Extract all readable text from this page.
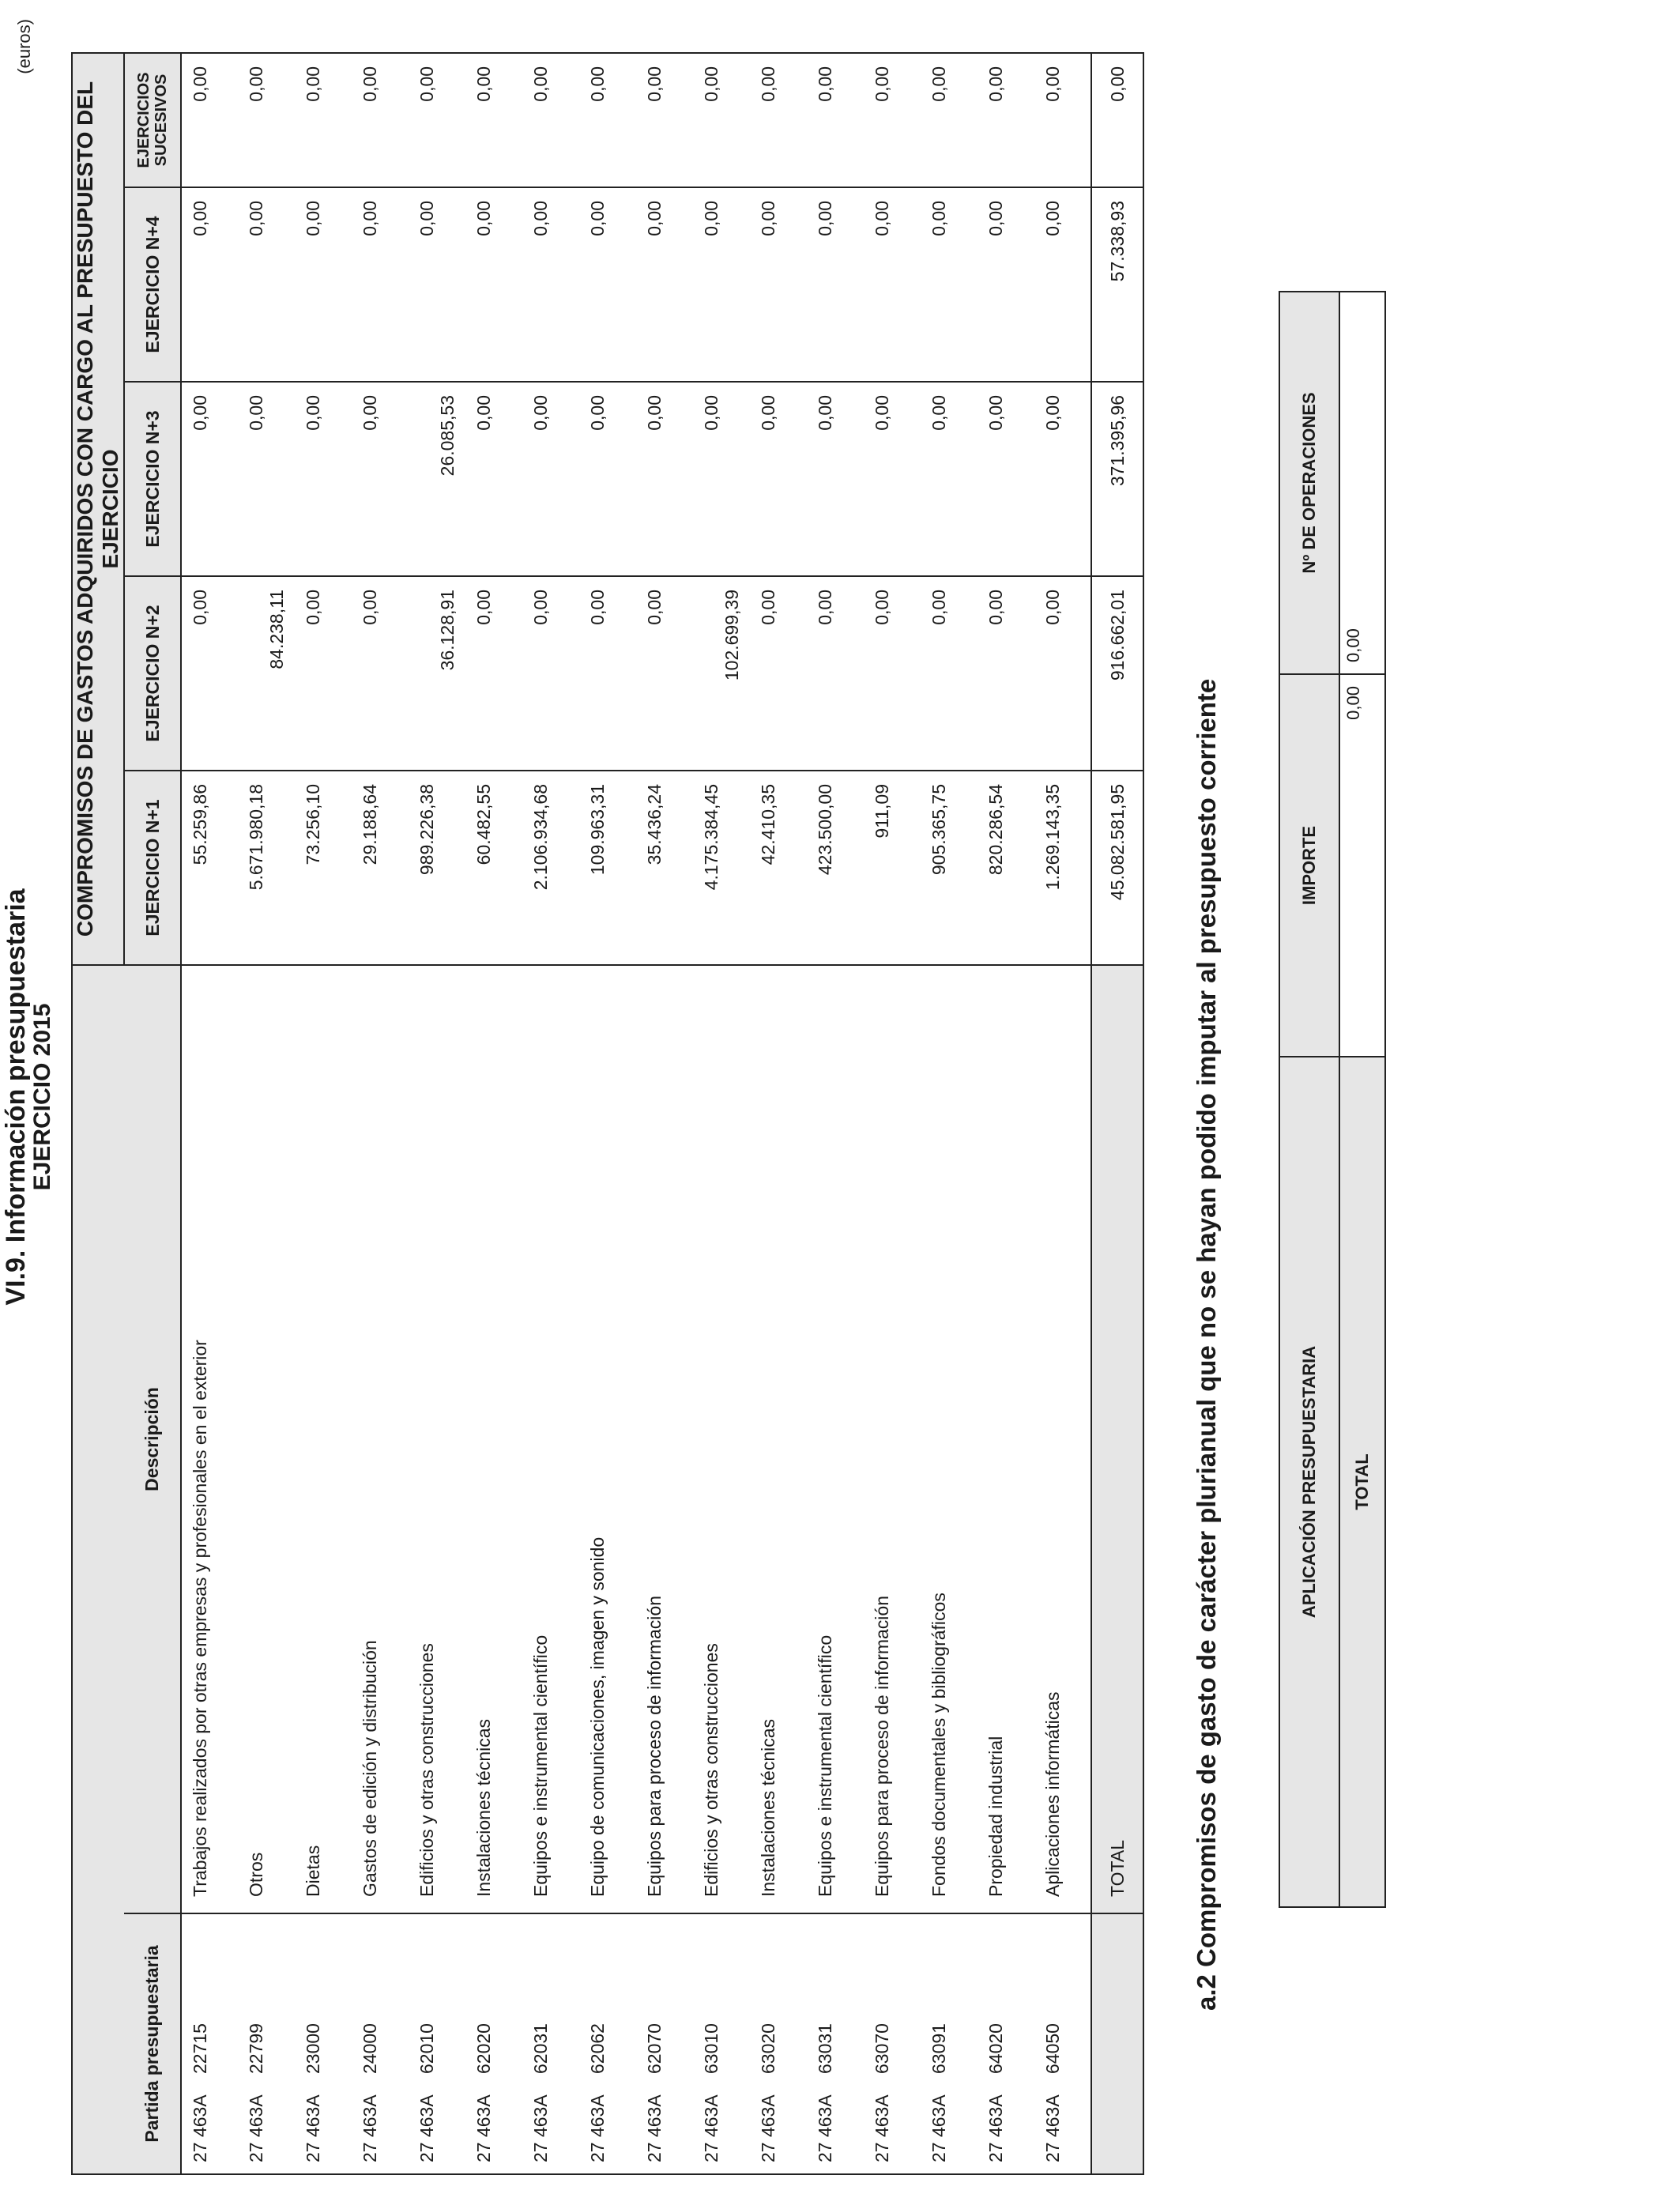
VI.9. Información presupuestaria
EJERCICIO 2015
(euros)
		COMPROMISOS DE GASTOS ADQUIRIDOS CON CARGO AL PRESUPUESTO DEL EJERCICIO				
Partida presupuestaria	Descripción	EJERCICIO N+1	EJERCICIO N+2	EJERCICIO N+3	EJERCICIO N+4	EJERCICIOS SUCESIVOS
27 463A22715	Trabajos realizados por otras empresas y profesionales en el exterior	55.259,86	0,00	0,00	0,00	0,00
27 463A22799	Otros	5.671.980,18	84.238,11	0,00	0,00	0,00
27 463A23000	Dietas	73.256,10	0,00	0,00	0,00	0,00
27 463A24000	Gastos de edición y distribución	29.188,64	0,00	0,00	0,00	0,00
27 463A62010	Edificios y otras construcciones	989.226,38	36.128,91	26.085,53	0,00	0,00
27 463A62020	Instalaciones técnicas	60.482,55	0,00	0,00	0,00	0,00
27 463A62031	Equipos e instrumental científico	2.106.934,68	0,00	0,00	0,00	0,00
27 463A62062	Equipo de comunicaciones, imagen y sonido	109.963,31	0,00	0,00	0,00	0,00
27 463A62070	Equipos para proceso de información	35.436,24	0,00	0,00	0,00	0,00
27 463A63010	Edificios y otras construcciones	4.175.384,45	102.699,39	0,00	0,00	0,00
27 463A63020	Instalaciones técnicas	42.410,35	0,00	0,00	0,00	0,00
27 463A63031	Equipos e instrumental científico	423.500,00	0,00	0,00	0,00	0,00
27 463A63070	Equipos para proceso de información	911,09	0,00	0,00	0,00	0,00
27 463A63091	Fondos documentales y bibliográficos	905.365,75	0,00	0,00	0,00	0,00
27 463A64020	Propiedad industrial	820.286,54	0,00	0,00	0,00	0,00
27 463A64050	Aplicaciones informáticas	1.269.143,35	0,00	0,00	0,00	0,00
	TOTAL	45.082.581,95	916.662,01	371.395,96	57.338,93	0,00
a.2 Compromisos de gasto de carácter plurianual que no se hayan podido imputar al presupuesto corriente	APLICACIÓN PRESUPUESTARIA	IMPORTE	Nº DE OPERACIONES
TOTAL	0,00	0,00
